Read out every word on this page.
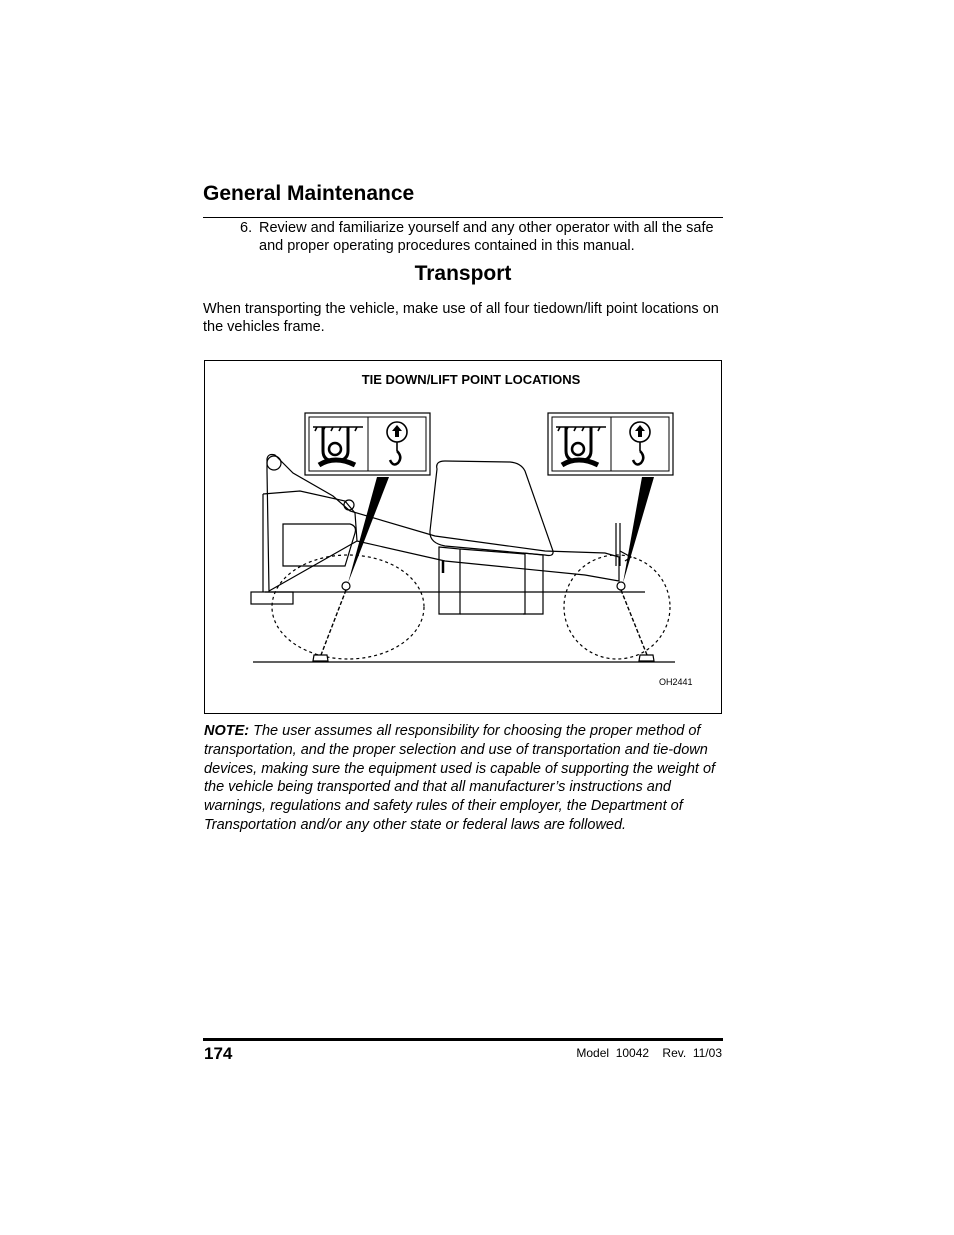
General Maintenance
6. Review and familiarize yourself and any other operator with all the safe and proper operating procedures contained in this manual.
Transport

When transporting the vehicle, make use of all four tiedown/lift point locations on the vehicles frame.

TIE DOWN/LIFT POINT LOCATIONS
OH2441

NOTE: The user assumes all responsibility for choosing the proper method of transportation, and the proper selection and use of transportation and tie-down devices, making sure the equipment used is capable of supporting the weight of the vehicle being transported and that all manufacturer’s instructions and warnings, regulations and safety rules of their employer, the Department of Transportation and/or any other state or federal laws are followed.

174	Model  10042    Rev.  11/03
